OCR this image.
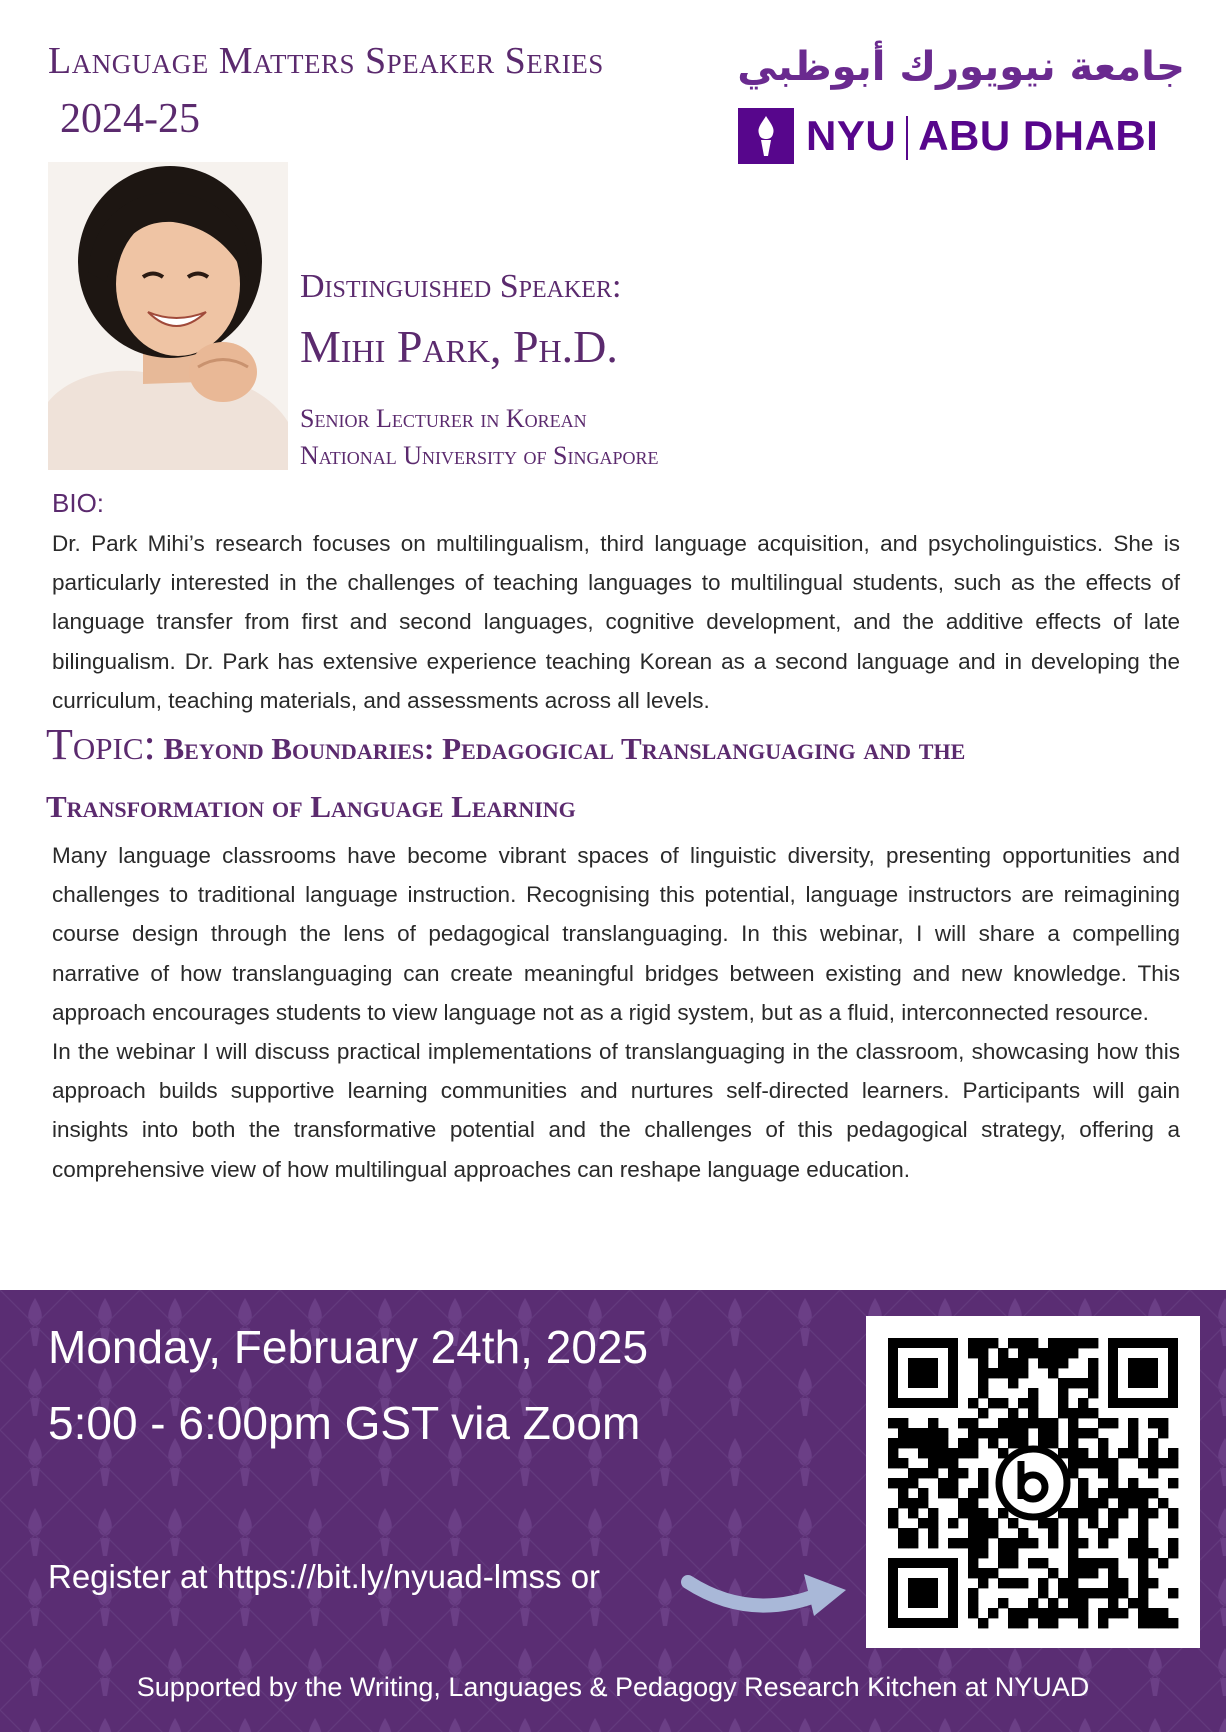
Language Matters Speaker Series
2024-25
جامعة نيويورك أبوظبي
NYU ABU DHABI
Distinguished Speaker:
Mihi Park, Ph.D.
Senior Lecturer in Korean
National University of Singapore
BIO:
Dr. Park Mihi’s research focuses on multilingualism, third language acquisition, and psycholinguistics. She is particularly interested in the challenges of teaching languages to multilingual students, such as the effects of language transfer from first and second languages, cognitive development, and the additive effects of late bilingualism. Dr. Park has extensive experience teaching Korean as a second language and in developing the curriculum, teaching materials, and assessments across all levels.
Topic: Beyond Boundaries: Pedagogical Translanguaging and the Transformation of Language Learning

Many language classrooms have become vibrant spaces of linguistic diversity, presenting opportunities and challenges to traditional language instruction. Recognising this potential, language instructors are reimagining course design through the lens of pedagogical translanguaging. In this webinar, I will share a compelling narrative of how translanguaging can create meaningful bridges between existing and new knowledge. This approach encourages students to view language not as a rigid system, but as a fluid, interconnected resource.

In the webinar I will discuss practical implementations of translanguaging in the classroom, showcasing how this approach builds supportive learning communities and nurtures self-directed learners. Participants will gain insights into both the transformative potential and the challenges of this pedagogical strategy, offering a comprehensive view of how multilingual approaches can reshape language education.

Monday, February 24th, 2025
5:00 - 6:00pm GST via Zoom
Register at https://bit.ly/nyuad-lmss or
Supported by the Writing, Languages & Pedagogy Research Kitchen at NYUAD
